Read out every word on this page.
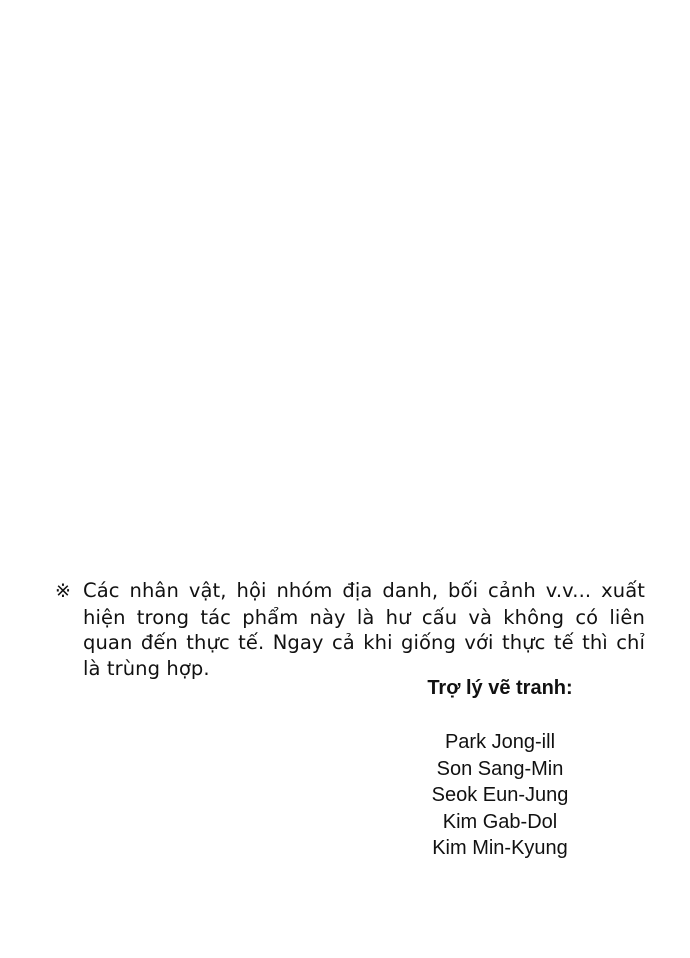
※ Các nhân vật, hội nhóm địa danh, bối cảnh v.v... xuất
hiện trong tác phẩm này là hư cấu và không có liên
quan đến thực tế. Ngay cả khi giống với thực tế thì chỉ
là trùng hợp.
Trợ lý vẽ tranh:
Park Jong-ill
Son Sang-Min
Seok Eun-Jung
Kim Gab-Dol
Kim Min-Kyung
